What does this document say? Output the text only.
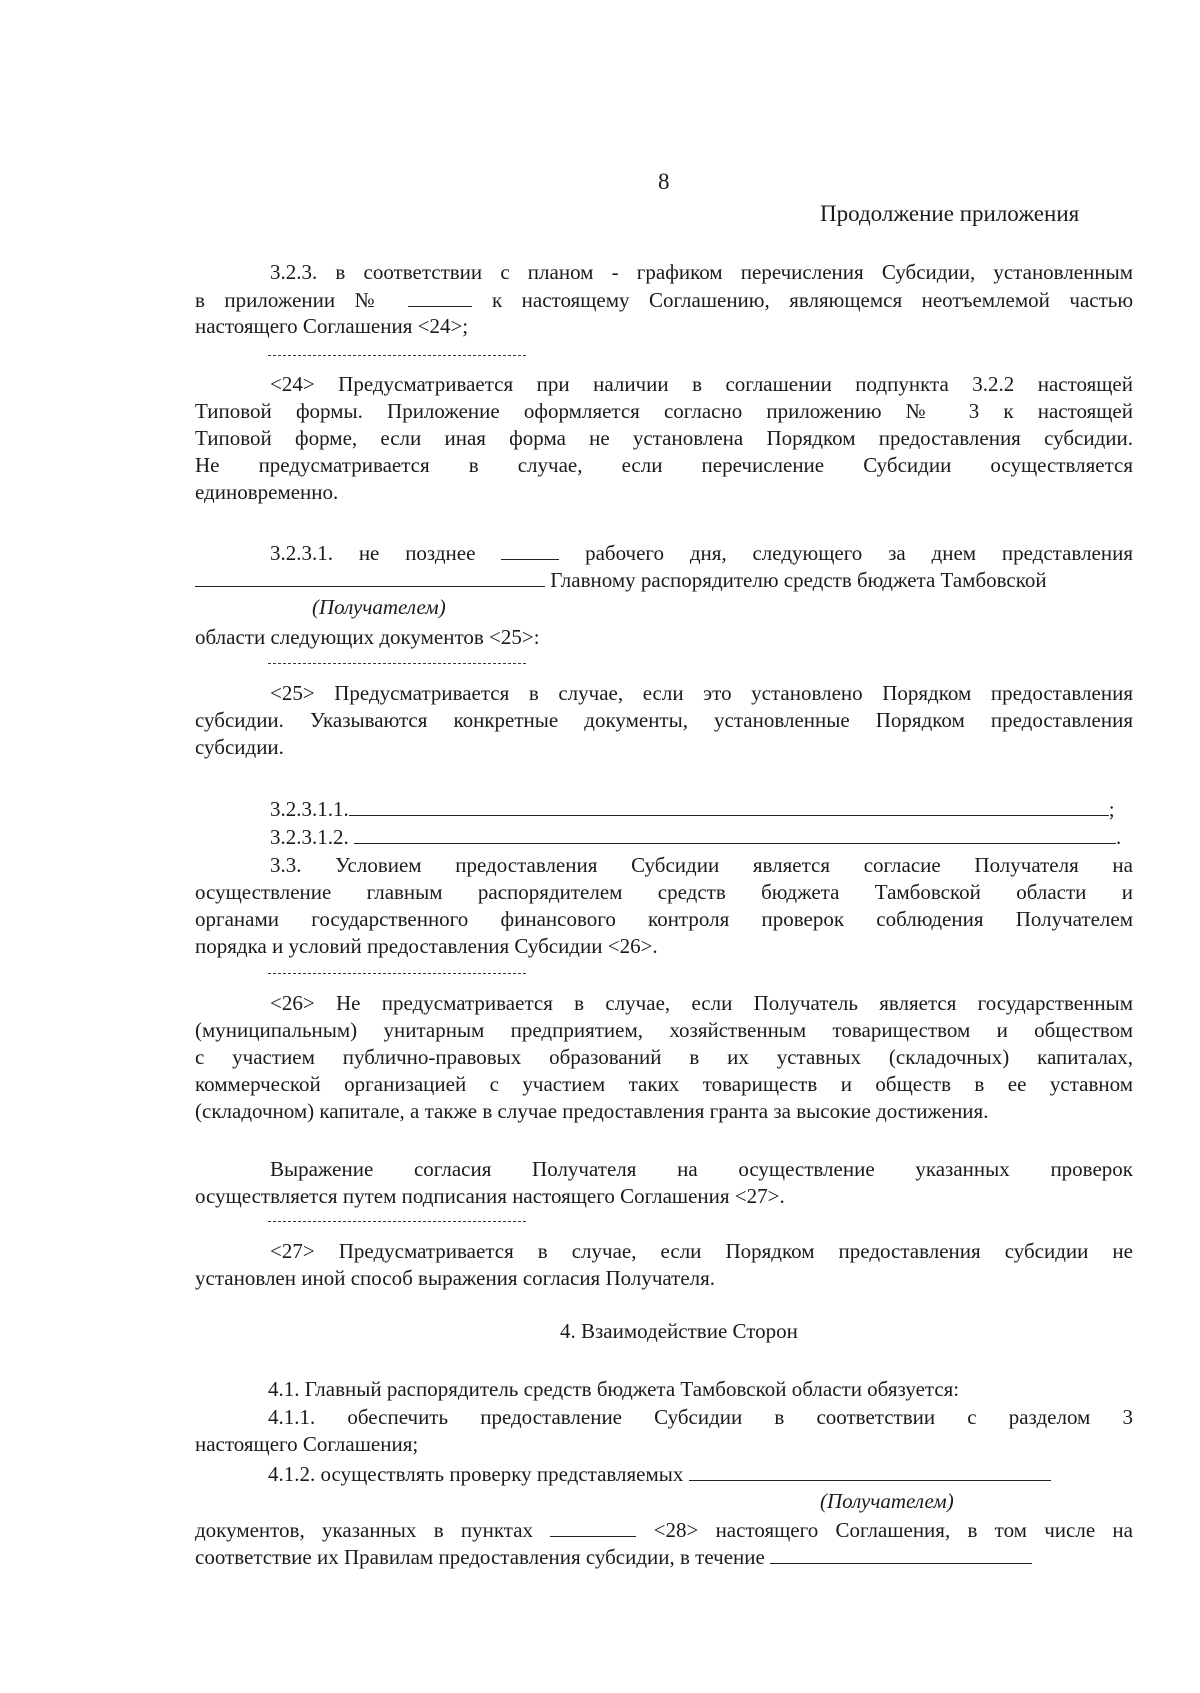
8
Продолжение приложения
3.2.3. в соответствии с планом - графиком перечисления Субсидии, установленным
в приложении №	к настоящему Соглашению, являющемся неотъемлемой частью
настоящего Соглашения <24>;
<24> Предусматривается при наличии в соглашении подпункта 3.2.2 настоящей
Типовой формы. Приложение оформляется согласно приложению № 3 к настоящей
Типовой форме, если иная форма не установлена Порядком предоставления субсидии.
Не предусматривается в случае, если перечисление Субсидии осуществляется
единовременно.
3.2.3.1. не позднее	рабочего дня, следующего за днем представления
Главному распорядителю средств бюджета Тамбовской
(Получателем)
области следующих документов <25>:
<25> Предусматривается в случае, если это установлено Порядком предоставления
субсидии. Указываются конкретные документы, установленные Порядком предоставления
субсидии.
3.2.3.1.1.	;
3.2.3.1.2.	.
3.3. Условием предоставления Субсидии является согласие Получателя на
осуществление главным распорядителем средств бюджета Тамбовской области и
органами государственного финансового контроля проверок соблюдения Получателем
порядка и условий предоставления Субсидии <26>.
<26> Не предусматривается в случае, если Получатель является государственным
(муниципальным) унитарным предприятием, хозяйственным товариществом и обществом
с участием публично-правовых образований в их уставных (складочных) капиталах,
коммерческой организацией с участием таких товариществ и обществ в ее уставном
(складочном) капитале, а также в случае предоставления гранта за высокие достижения.
Выражение согласия Получателя на осуществление указанных проверок
осуществляется путем подписания настоящего Соглашения <27>.
<27> Предусматривается в случае, если Порядком предоставления субсидии не
установлен иной способ выражения согласия Получателя.
4. Взаимодействие Сторон
4.1. Главный распорядитель средств бюджета Тамбовской области обязуется:
4.1.1. обеспечить предоставление Субсидии в соответствии с разделом 3
настоящего Соглашения;
4.1.2. осуществлять проверку представляемых
(Получателем)
документов, указанных в пунктах	<28> настоящего Соглашения, в том числе на
соответствие их Правилам предоставления субсидии, в течение
